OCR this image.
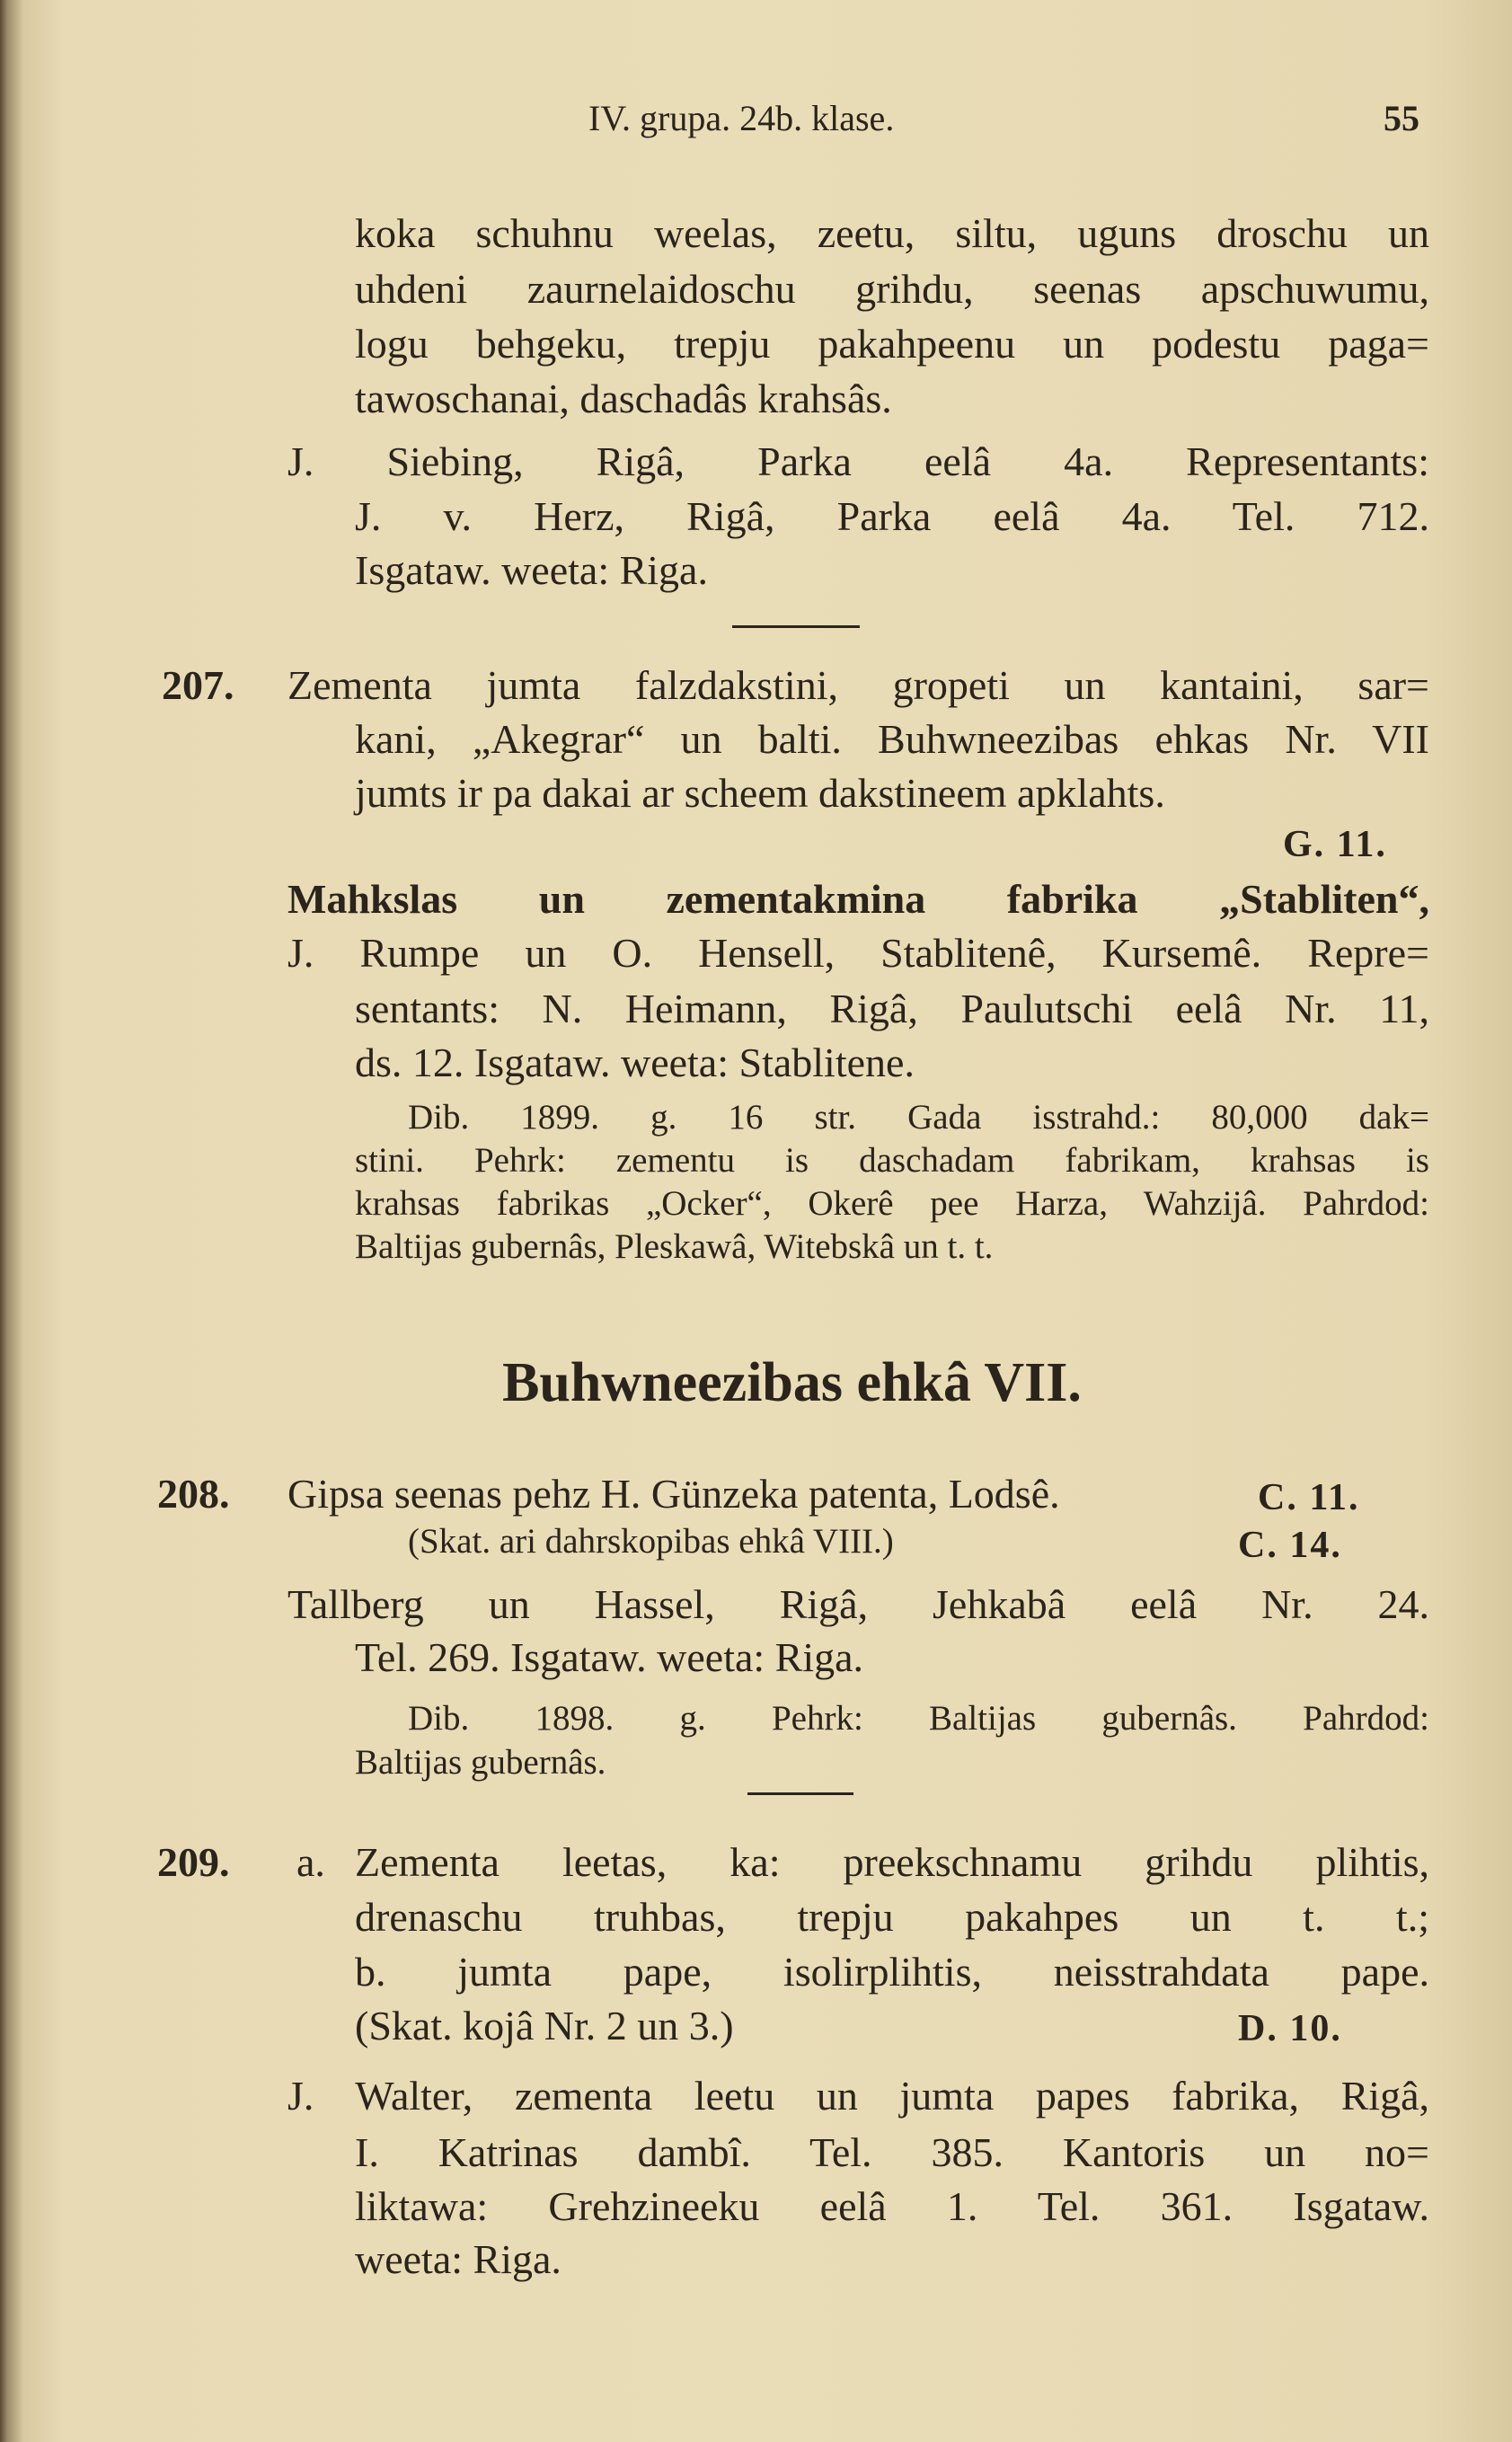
IV. grupa. 24b. klase.	55
koka schuhnu weelas, zeetu, siltu, uguns droschu un
uhdeni zaurnelaidoschu grihdu, seenas apschuwumu,
logu behgeku, trepju pakahpeenu un podestu paga=
tawoschanai, daschadâs krahsâs.
J. Siebing, Rigâ, Parka eelâ 4a. Representants:
J. v. Herz, Rigâ, Parka eelâ 4a. Tel. 712.
Isgataw. weeta: Riga.
207. Zementa jumta falzdakstini, gropeti un kantaini, sar=
kani, „Akegrar“ un balti. Buhwneezibas ehkas Nr. VII
jumts ir pa dakai ar scheem dakstineem apklahts.
G. 11.
Mahkslas un zementakmina fabrika „Stabliten“,
J. Rumpe un O. Hensell, Stablitenê, Kursemê. Repre=
sentants: N. Heimann, Rigâ, Paulutschi eelâ Nr. 11,
ds. 12. Isgataw. weeta: Stablitene.
Dib. 1899. g. 16 str. Gada isstrahd.: 80,000 dak=
stini. Pehrk: zementu is daschadam fabrikam, krahsas is
krahsas fabrikas „Ocker“, Okerê pee Harza, Wahzijâ. Pahrdod:
Baltijas gubernâs, Pleskawâ, Witebskâ un t. t.
Buhwneezibas ehkâ VII.
208. Gipsa seenas pehz H. Günzeka patenta, Lodsê.	C. 11.
(Skat. ari dahrskopibas ehkâ VIII.)	C. 14.
Tallberg un Hassel, Rigâ, Jehkabâ eelâ Nr. 24.
Tel. 269. Isgataw. weeta: Riga.
Dib. 1898. g. Pehrk: Baltijas gubernâs. Pahrdod:
Baltijas gubernâs.
209. a. Zementa leetas, ka: preekschnamu grihdu plihtis,
drenaschu truhbas, trepju pakahpes un t. t.;
b. jumta pape, isolirplihtis, neisstrahdata pape.
(Skat. kojâ Nr. 2 un 3.)	D. 10.
J. Walter, zementa leetu un jumta papes fabrika, Rigâ,
I. Katrinas dambî. Tel. 385. Kantoris un no=
liktawa: Grehzineeku eelâ 1. Tel. 361. Isgataw.
weeta: Riga.
